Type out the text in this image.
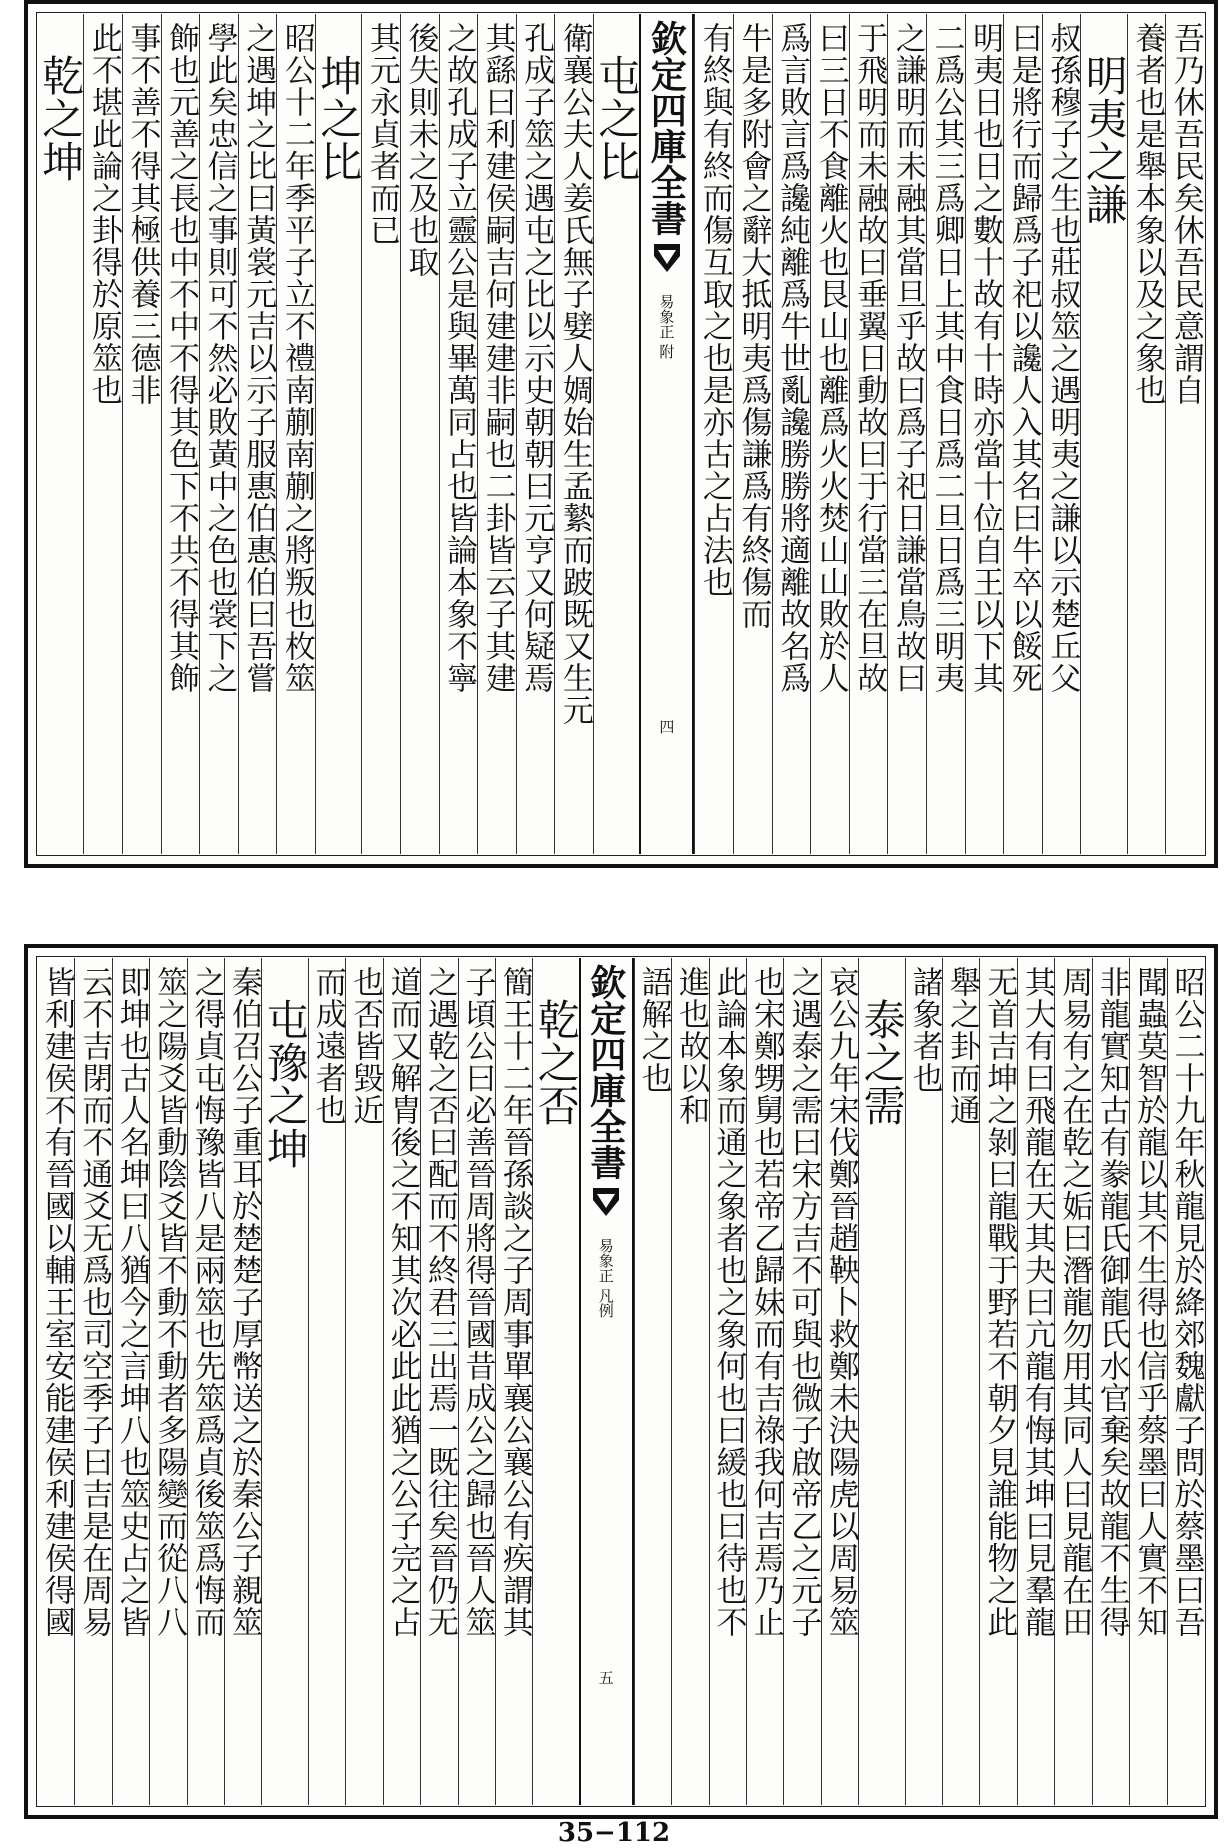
吾乃休吾民矣休吾民意謂自
養者也是舉本象以及之象也
明夷之謙
叔孫穆子之生也莊叔筮之遇明夷之謙以示楚丘父
曰是將行而歸爲子祀以讒人入其名曰牛卒以餒死
明夷日也日之數十故有十時亦當十位自王以下其
二爲公其三爲卿日上其中食日爲二旦日爲三明夷
之謙明而未融其當旦乎故曰爲子祀日謙當鳥故曰
于飛明而未融故曰垂翼日動故曰于行當三在旦故
曰三日不食離火也艮山也離爲火火焚山山敗於人
爲言敗言爲讒純離爲牛世亂讒勝勝將適離故名爲
牛是多附會之辭大抵明夷爲傷謙爲有終傷而
有終與有終而傷互取之也是亦古之占法也
欽定四庫全書
易象正 附
四
屯之比
衛襄公夫人姜氏無子嬖人婤始生孟縶而跛既又生元
孔成子筮之遇屯之比以示史朝朝曰元亨又何疑焉
其繇曰利建侯嗣吉何建建非嗣也二卦皆云子其建
之故孔成子立靈公是與畢萬同占也皆論本象不寧
後失則未之及也取
其元永貞者而已
坤之比
昭公十二年季平子立不禮南蒯南蒯之將叛也枚筮
之遇坤之比曰黃裳元吉以示子服惠伯惠伯曰吾嘗
學此矣忠信之事則可不然必敗黃中之色也裳下之
飾也元善之長也中不中不得其色下不共不得其飾
事不善不得其極供養三德非
此不堪此論之卦得於原筮也
乾之坤
昭公二十九年秋龍見於絳郊魏獻子問於蔡墨曰吾
聞蟲莫智於龍以其不生得也信乎蔡墨曰人實不知
非龍實知古有豢龍氏御龍氏水官棄矣故龍不生得
周易有之在乾之姤曰潛龍勿用其同人曰見龍在田
其大有曰飛龍在天其夬曰亢龍有悔其坤曰見羣龍
无首吉坤之剝曰龍戰于野若不朝夕見誰能物之此
舉之卦而通
諸象者也
泰之需
哀公九年宋伐鄭晉趙鞅卜救鄭未決陽虎以周易筮
之遇泰之需曰宋方吉不可與也微子啟帝乙之元子
也宋鄭甥舅也若帝乙歸妹而有吉祿我何吉焉乃止
此論本象而通之象者也之象何也曰緩也曰待也不
進也故以和
語解之也
欽定四庫全書
易象正 凡例
五
乾之否
簡王十二年晉孫談之子周事單襄公襄公有疾謂其
子頃公曰必善晉周將得晉國昔成公之歸也晉人筮
之遇乾之否曰配而不終君三出焉一既往矣晉仍无
道而又解胄後之不知其次必此此猶之公子完之占
也否皆毀近
而成遠者也
屯豫之坤
秦伯召公子重耳於楚楚子厚幣送之於秦公子親筮
之得貞屯悔豫皆八是兩筮也先筮爲貞後筮爲悔而
筮之陽爻皆動陰爻皆不動不動者多陽變而從八八
即坤也古人名坤曰八猶今之言坤八也筮史占之皆
云不吉閉而不通爻无爲也司空季子曰吉是在周易
皆利建侯不有晉國以輔王室安能建侯利建侯得國
35−112
